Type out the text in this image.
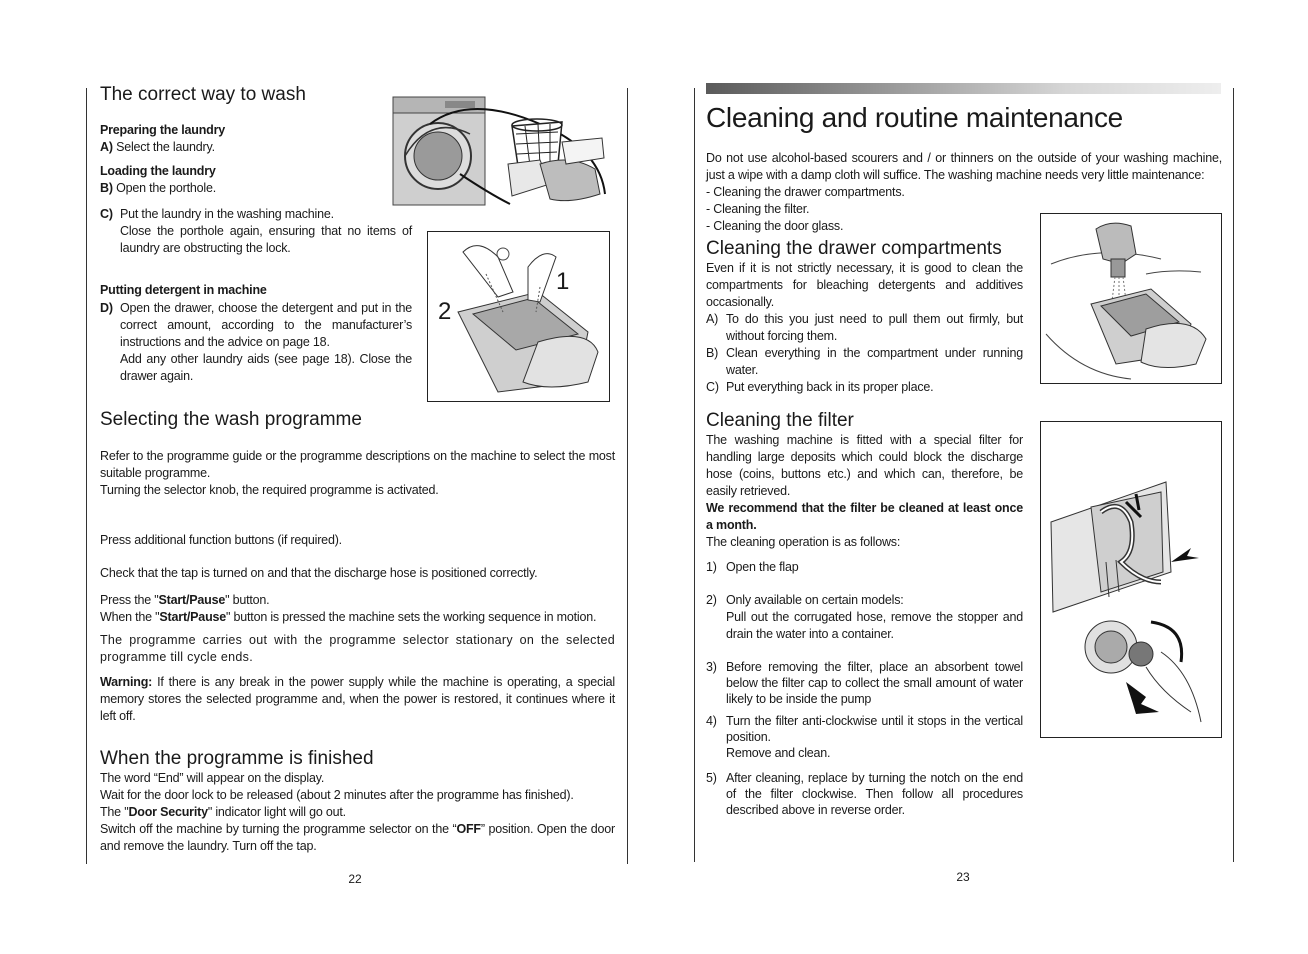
The correct way to wash

Preparing the laundry

A) Select the laundry.

Loading the laundry

B) Open the porthole.

C) Put the laundry in the washing machine.
Close the porthole again, ensuring that no items of laundry are obstructing the lock.

Putting detergent in machine

D) Open the drawer, choose the detergent and put in the correct amount, according to the manufacturer’s instructions and the advice on page 18.
Add any other laundry aids (see page 18). Close the drawer again.
1
2
Selecting the wash programme

Refer to the programme guide or the programme descriptions on the machine to select the most suitable programme.

Turning the selector knob, the required programme is activated.

Press additional function buttons (if required).

Check that the tap is turned on and that the discharge hose is positioned correctly.

Press the "Start/Pause" button.

When the "Start/Pause" button is pressed the machine sets the working sequence in motion.

The programme carries out with the programme selector stationary on the selected programme till cycle ends.

Warning: If there is any break in the power supply while the machine is operating, a special memory stores the selected programme and, when the power is restored, it continues where it left off.

When the programme is finished

The word “End” will appear on the display.

Wait for the door lock to be released (about 2 minutes after the programme has finished).

The "Door Security" indicator light will go out.

Switch off the machine by turning the programme selector on the “OFF” position. Open the door and remove the laundry. Turn off the tap.

22
Cleaning and routine maintenance

Do not use alcohol-based scourers and / or thinners on the outside of your washing machine, just a wipe with a damp cloth will suffice. The washing machine needs very little maintenance:

- Cleaning the drawer compartments.

- Cleaning the filter.

- Cleaning the door glass.

Cleaning the drawer compartments

Even if it is not strictly necessary, it is good to clean the compartments for bleaching detergents and additives occasionally.

A) To do this you just need to pull them out firmly, but without forcing them.
B) Clean everything in the compartment under running water.
C) Put everything back in its proper place.
Cleaning the filter

The washing machine is fitted with a special filter for handling large deposits which could block the discharge hose (coins, buttons etc.) and which can, therefore, be easily retrieved.

We recommend that the filter be cleaned at least once a month.

The cleaning operation is as follows:

1) Open the flap
2) Only available on certain models:
Pull out the corrugated hose, remove the stopper and drain the water into a container.
3) Before removing the filter, place an absorbent towel below the filter cap to collect the small amount of water likely to be inside the pump
4) Turn the filter anti-clockwise until it stops in the vertical position.
Remove and clean.
5) After cleaning, replace by turning the notch on the end of the filter clockwise. Then follow all procedures described above in reverse order.
23
